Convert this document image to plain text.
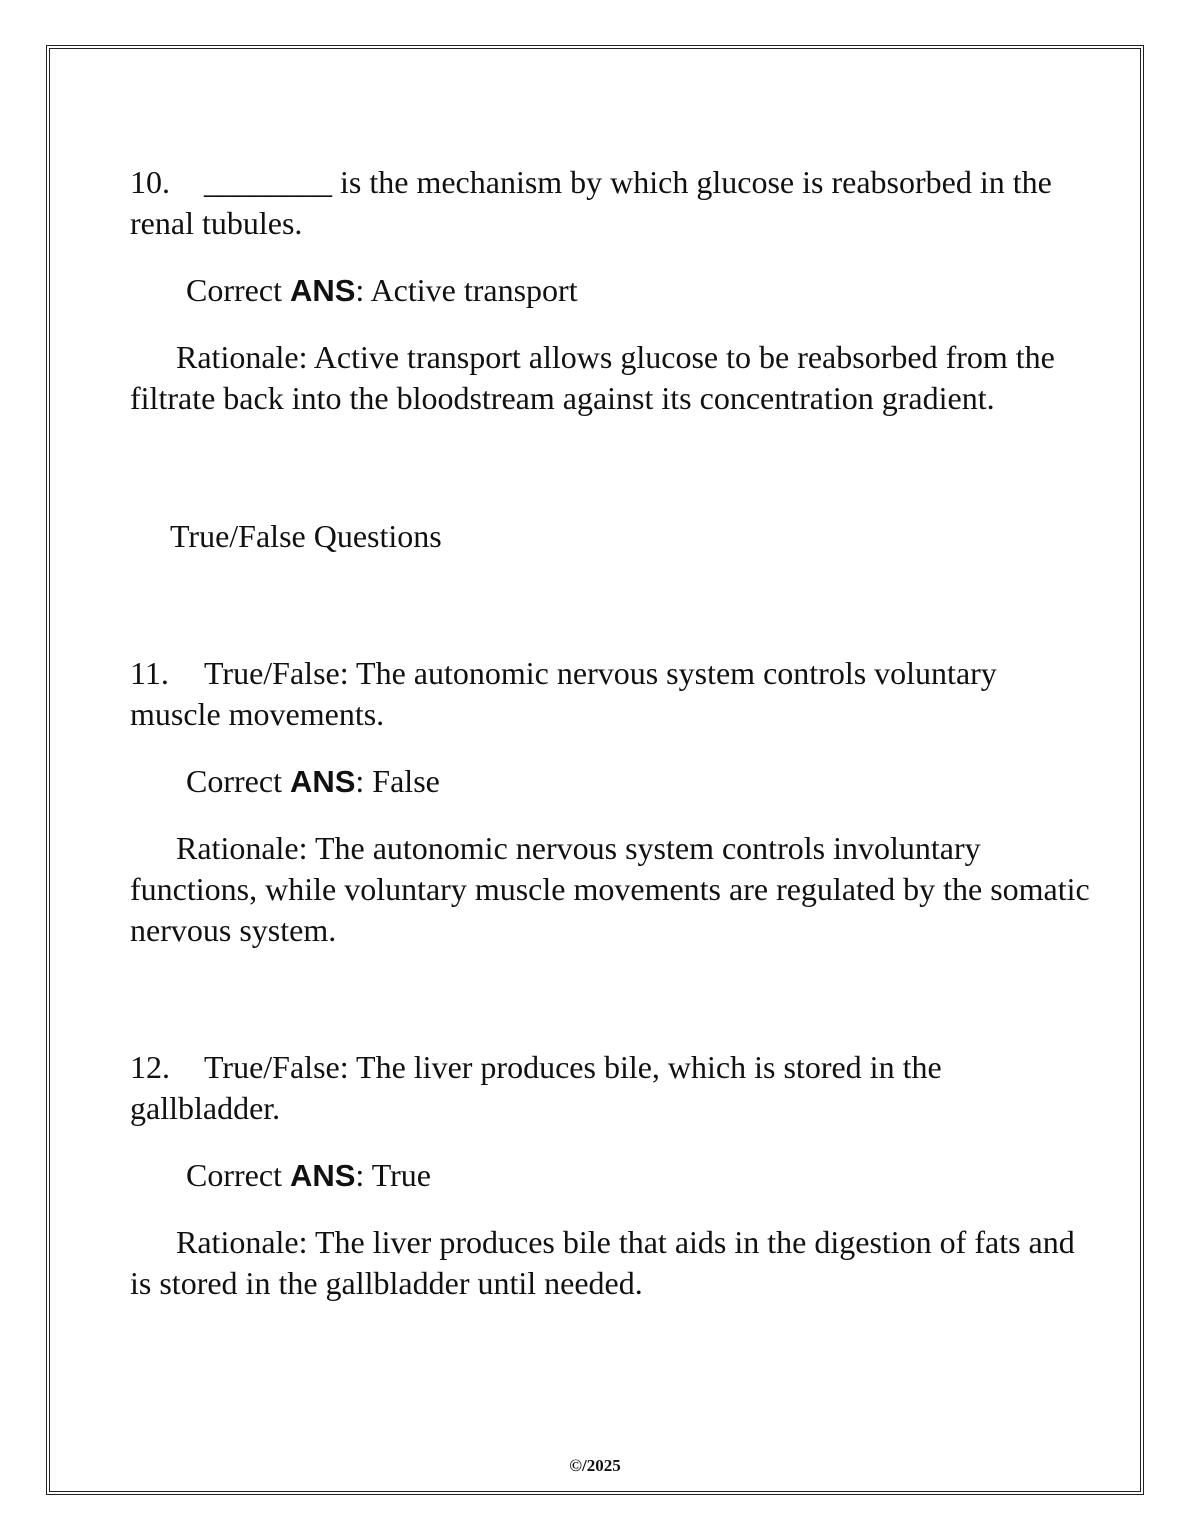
10. ________ is the mechanism by which glucose is reabsorbed in the renal tubules.

Correct ANS: Active transport

Rationale: Active transport allows glucose to be reabsorbed from the filtrate back into the bloodstream against its concentration gradient.

True/False Questions

11. True/False: The autonomic nervous system controls voluntary muscle movements.

Correct ANS: False

Rationale: The autonomic nervous system controls involuntary functions, while voluntary muscle movements are regulated by the somatic nervous system.

12. True/False: The liver produces bile, which is stored in the gallbladder.

Correct ANS: True

Rationale: The liver produces bile that aids in the digestion of fats and is stored in the gallbladder until needed.

©/2025
